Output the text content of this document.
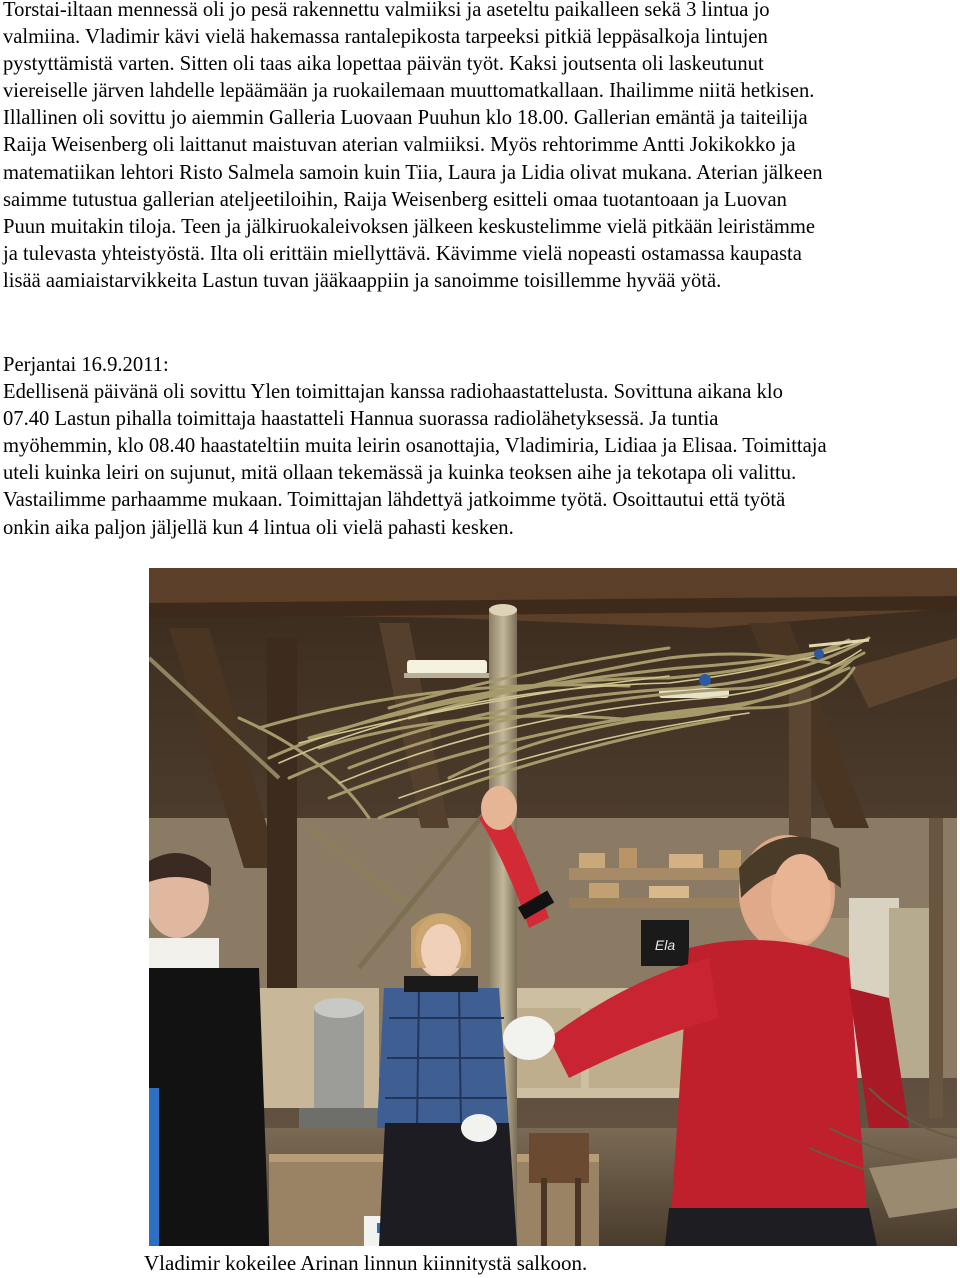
Torstai-iltaan mennessä oli jo pesä rakennettu valmiiksi ja aseteltu paikalleen sekä 3 lintua jo
valmiina. Vladimir kävi vielä hakemassa rantalepikosta tarpeeksi pitkiä leppäsalkoja lintujen
pystyttämistä varten. Sitten oli taas aika lopettaa päivän työt. Kaksi joutsenta oli laskeutunut
viereiselle järven lahdelle lepäämään ja ruokailemaan muuttomatkallaan. Ihailimme niitä hetkisen.
Illallinen oli sovittu jo aiemmin Galleria Luovaan Puuhun klo 18.00. Gallerian emäntä ja taiteilija
Raija Weisenberg oli laittanut maistuvan aterian valmiiksi. Myös rehtorimme Antti Jokikokko ja
matematiikan lehtori Risto Salmela samoin kuin Tiia, Laura ja Lidia olivat mukana. Aterian jälkeen
saimme tutustua gallerian ateljeetiloihin, Raija Weisenberg esitteli omaa tuotantoaan ja Luovan
Puun muitakin tiloja. Teen ja jälkiruokaleivoksen jälkeen keskustelimme vielä pitkään leiristämme
ja tulevasta yhteistyöstä. Ilta oli erittäin miellyttävä. Kävimme vielä nopeasti ostamassa kaupasta
lisää aamiaistarvikkeita Lastun tuvan jääkaappiin ja sanoimme toisillemme hyvää yötä.
Perjantai 16.9.2011:
Edellisenä päivänä oli sovittu Ylen toimittajan kanssa radiohaastattelusta. Sovittuna aikana klo
07.40 Lastun pihalla toimittaja haastatteli Hannua suorassa radiolähetyksessä. Ja tuntia
myöhemmin, klo 08.40 haastateltiin muita leirin osanottajia, Vladimiria, Lidiaa ja Elisaa. Toimittaja
uteli kuinka leiri on sujunut, mitä ollaan tekemässä ja kuinka teoksen aihe ja tekotapa oli valittu.
Vastailimme parhaamme mukaan. Toimittajan lähdettyä jatkoimme työtä. Osoittautui että työtä
onkin aika paljon jäljellä kun 4 lintua oli vielä pahasti kesken.
Ela
Vladimir kokeilee Arinan linnun kiinnitystä salkoon.
